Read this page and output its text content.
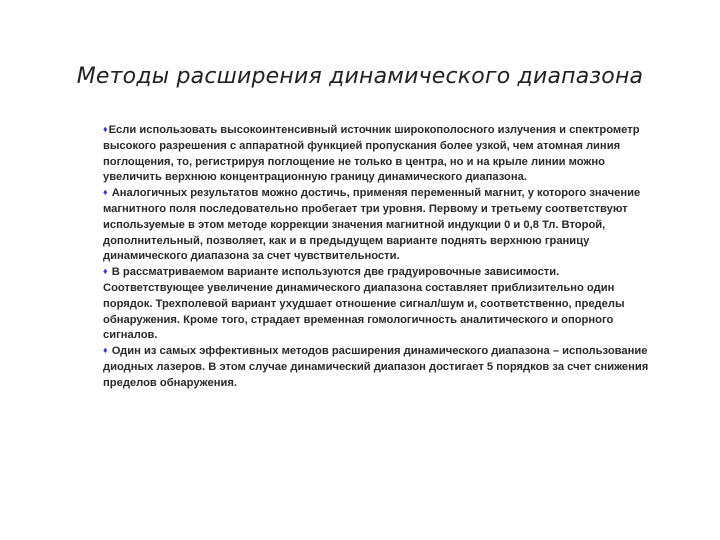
Методы расширения динамического диапазона

♦Если использовать высокоинтенсивный источник широкополосного излучения и спектрометр высокого разрешения с аппаратной функцией пропускания более узкой, чем атомная линия поглощения, то, регистрируя поглощение не только в центра, но и на крыле линии можно увеличить верхнюю концентрационную границу динамического диапазона.

♦ Аналогичных результатов можно достичь, применяя переменный магнит, у которого значение магнитного поля последовательно пробегает три уровня. Первому и третьему соответствуют используемые в этом методе коррекции значения магнитной индукции 0 и 0,8 Тл. Второй, дополнительный, позволяет, как и в предыдущем варианте поднять верхнюю границу динамического диапазона за счет чувствительности.

♦ В рассматриваемом варианте используются две градуировочные зависимости. Соответствующее увеличение динамического диапазона составляет приблизительно один порядок. Трехполевой вариант ухудшает отношение сигнал/шум и, соответственно, пределы обнаружения. Кроме того, страдает временная гомологичность аналитического и опорного сигналов.

♦ Один из самых эффективных методов расширения динамического диапазона – использование диодных лазеров. В этом случае динамический диапазон достигает 5 порядков за счет снижения пределов обнаружения.
